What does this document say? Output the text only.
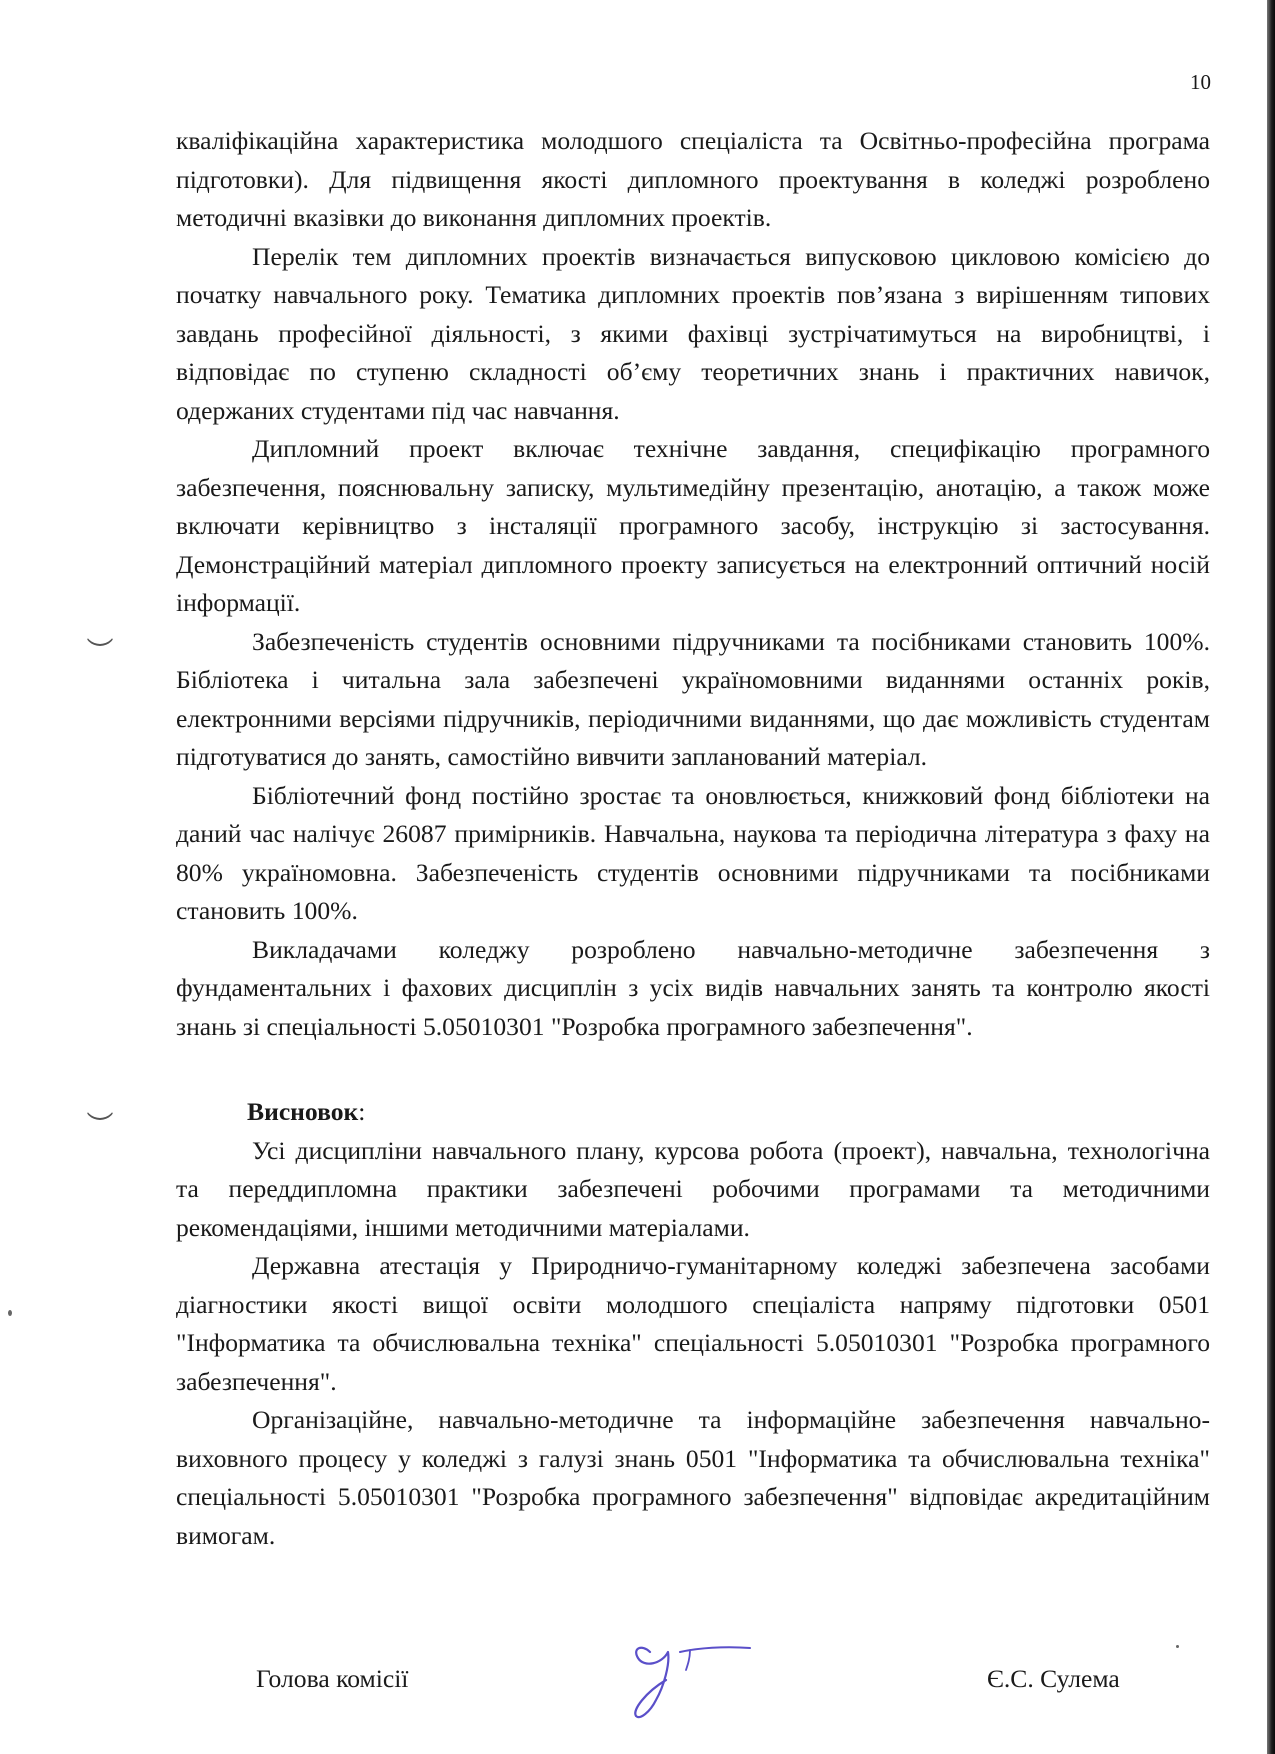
10

кваліфікаційна характеристика молодшого спеціаліста та Освітньо-професійна програма підготовки). Для підвищення якості дипломного проектування в коледжі розроблено методичні вказівки до виконання дипломних проектів.

Перелік тем дипломних проектів визначається випусковою цикловою комісією до початку навчального року. Тематика дипломних проектів пов’язана з вирішенням типових завдань професійної діяльності, з якими фахівці зустрічатимуться на виробництві, і відповідає по ступеню складності об’єму теоретичних знань і практичних навичок, одержаних студентами під час навчання.

Дипломний проект включає технічне завдання, специфікацію програмного забезпечення, пояснювальну записку, мультимедійну презентацію, анотацію, а також може включати керівництво з інсталяції програмного засобу, інструкцію зі застосування. Демонстраційний матеріал дипломного проекту записується на електронний оптичний носій інформації.

Забезпеченість студентів основними підручниками та посібниками становить 100%. Бібліотека і читальна зала забезпечені україномовними виданнями останніх років, електронними версіями підручників, періодичними виданнями, що дає можливість студентам підготуватися до занять, самостійно вивчити запланований матеріал.

Бібліотечний фонд постійно зростає та оновлюється, книжковий фонд бібліотеки на даний час налічує 26087 примірників. Навчальна, наукова та періодична література з фаху на 80% україномовна. Забезпеченість студентів основними підручниками та посібниками становить 100%.

Викладачами коледжу розроблено навчально-методичне забезпечення з фундаментальних і фахових дисциплін з усіх видів навчальних занять та контролю якості знань зі спеціальності 5.05010301 "Розробка програмного забезпечення".

Висновок:

Усі дисципліни навчального плану, курсова робота (проект), навчальна, технологічна та переддипломна практики забезпечені робочими програмами та методичними рекомендаціями, іншими методичними матеріалами.

Державна атестація у Природничо-гуманітарному коледжі забезпечена засобами діагностики якості вищої освіти молодшого спеціаліста напряму підготовки 0501 "Інформатика та обчислювальна техніка" спеціальності 5.05010301 "Розробка програмного забезпечення".

Організаційне, навчально-методичне та інформаційне забезпечення навчально-виховного процесу у коледжі з галузі знань 0501 "Інформатика та обчислювальна техніка" спеціальності 5.05010301 "Розробка програмного забезпечення" відповідає акредитаційним вимогам.

Голова комісії	Є.С. Сулема
